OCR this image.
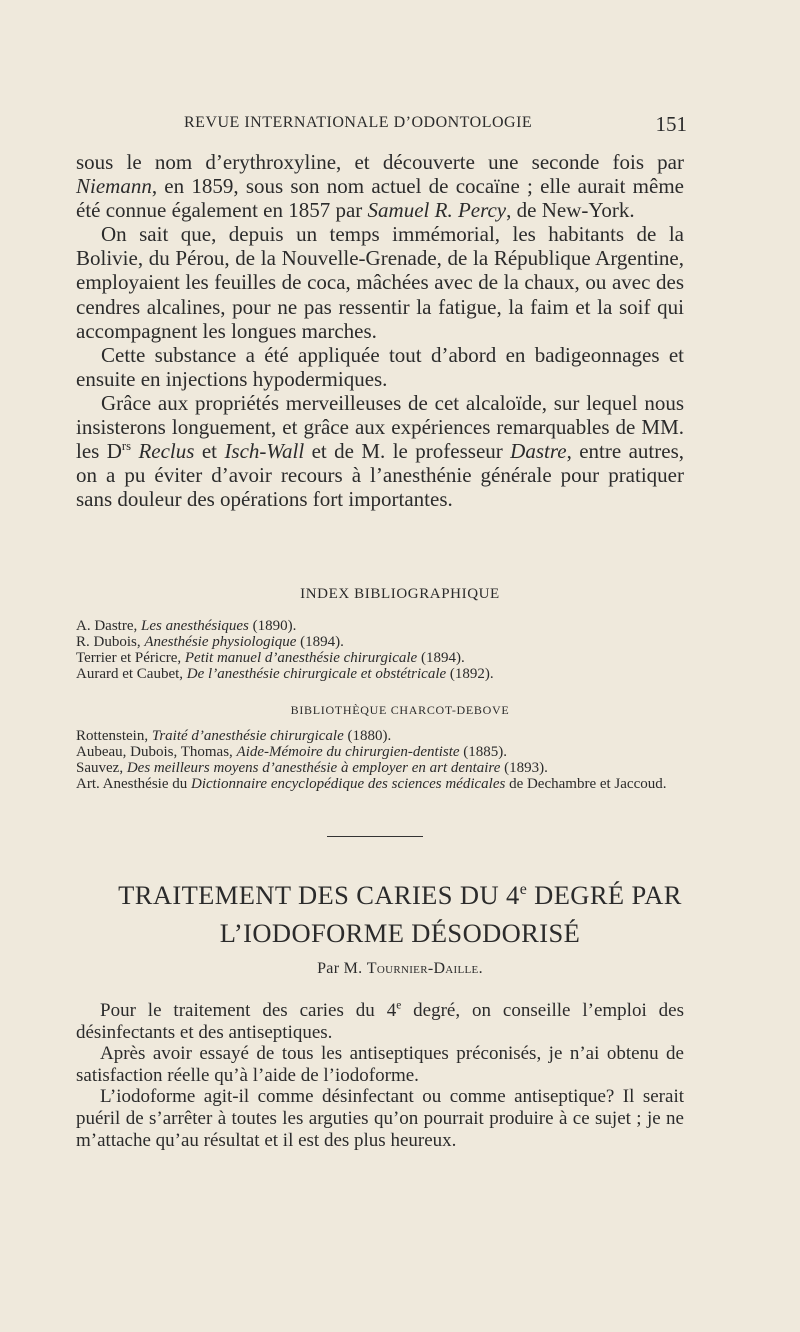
REVUE INTERNATIONALE D’ODONTOLOGIE	151

sous le nom d’erythroxyline, et découverte une seconde fois par Niemann, en 1859, sous son nom actuel de cocaïne ; elle aurait même été connue également en 1857 par Samuel R. Percy, de New-York.

On sait que, depuis un temps immémorial, les habitants de la Bolivie, du Pérou, de la Nouvelle-Grenade, de la République Argentine, employaient les feuilles de coca, mâchées avec de la chaux, ou avec des cendres alcalines, pour ne pas ressentir la fatigue, la faim et la soif qui accompagnent les longues marches.

Cette substance a été appliquée tout d’abord en badigeonnages et ensuite en injections hypodermiques.

Grâce aux propriétés merveilleuses de cet alcaloïde, sur lequel nous insisterons longuement, et grâce aux expériences remarquables de MM. les $D^{rs}$ Reclus et Isch-Wall et de M. le professeur Dastre, entre autres, on a pu éviter d’avoir recours à l’anesthénie générale pour pratiquer sans douleur des opérations fort importantes.

INDEX BIBLIOGRAPHIQUE

A. Dastre, Les anesthésiques (1890).

R. Dubois, Anesthésie physiologique (1894).

Terrier et Péricre, Petit manuel d’anesthésie chirurgicale (1894).

Aurard et Caubet, De l’anesthésie chirurgicale et obstétricale (1892).

BIBLIOTHÈQUE CHARCOT-DEBOVE

Rottenstein, Traité d’anesthésie chirurgicale (1880).

Aubeau, Dubois, Thomas, Aide-Mémoire du chirurgien-dentiste (1885).

Sauvez, Des meilleurs moyens d’anesthésie à employer en art dentaire (1893).

Art. Anesthésie du Dictionnaire encyclopédique des sciences médicales de Dechambre et Jaccoud.

TRAITEMENT DES CARIES DU 4e DEGRÉ PAR
L’IODOFORME DÉSODORISÉ
Par M. Tournier-Daille.

Pour le traitement des caries du 4e degré, on conseille l’emploi des désinfectants et des antiseptiques.

Après avoir essayé de tous les antiseptiques préconisés, je n’ai obtenu de satisfaction réelle qu’à l’aide de l’iodoforme.

L’iodoforme agit-il comme désinfectant ou comme antiseptique? Il serait puéril de s’arrêter à toutes les arguties qu’on pourrait produire à ce sujet ; je ne m’attache qu’au résultat et il est des plus heureux.
